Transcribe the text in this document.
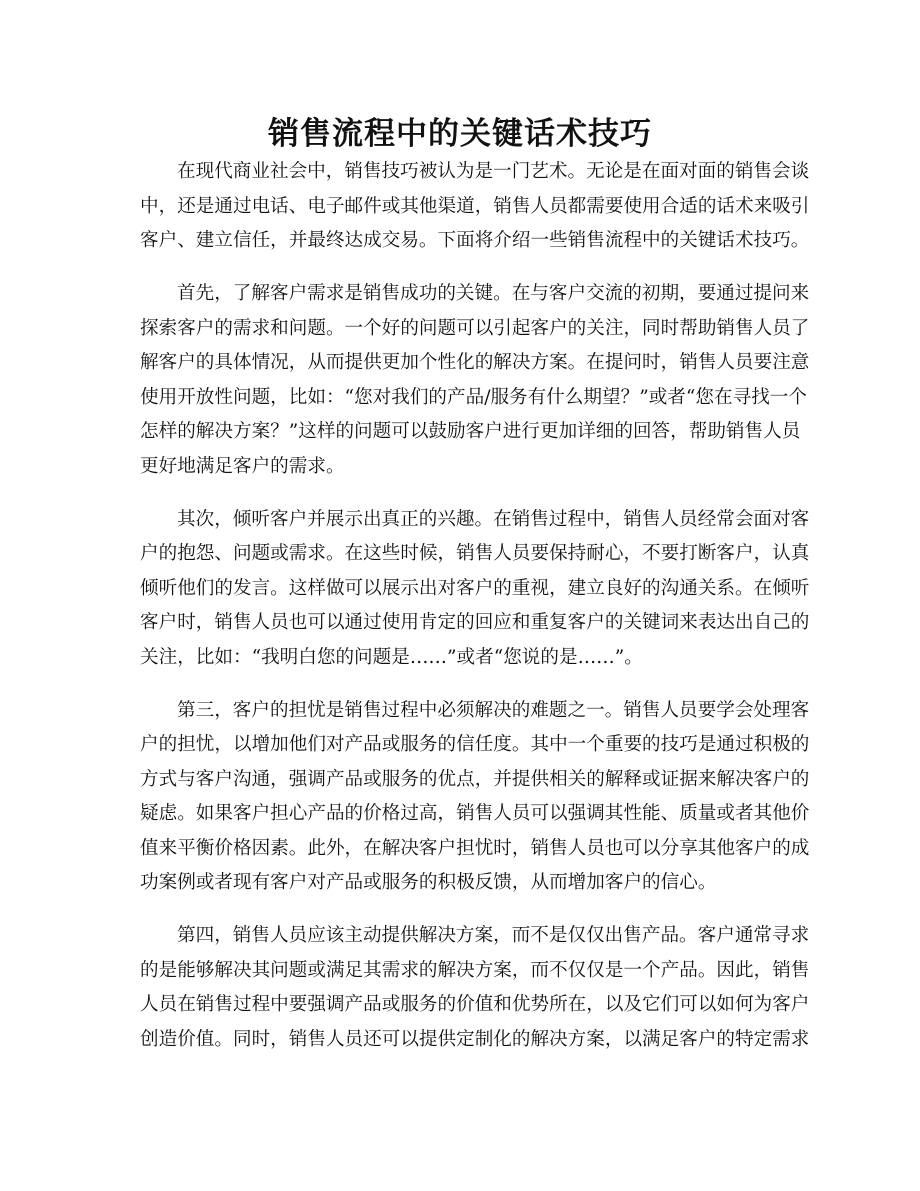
销售流程中的关键话术技巧
在现代商业社会中，销售技巧被认为是一门艺术。无论是在面对面的销售会谈
中，还是通过电话、电子邮件或其他渠道，销售人员都需要使用合适的话术来吸引
客户、建立信任，并最终达成交易。下面将介绍一些销售流程中的关键话术技巧。
首先，了解客户需求是销售成功的关键。在与客户交流的初期，要通过提问来
探索客户的需求和问题。一个好的问题可以引起客户的关注，同时帮助销售人员了
解客户的具体情况，从而提供更加个性化的解决方案。在提问时，销售人员要注意
使用开放性问题，比如：“您对我们的产品/服务有什么期望？”或者“您在寻找一个
怎样的解决方案？”这样的问题可以鼓励客户进行更加详细的回答，帮助销售人员
更好地满足客户的需求。
其次，倾听客户并展示出真正的兴趣。在销售过程中，销售人员经常会面对客
户的抱怨、问题或需求。在这些时候，销售人员要保持耐心，不要打断客户，认真
倾听他们的发言。这样做可以展示出对客户的重视，建立良好的沟通关系。在倾听
客户时，销售人员也可以通过使用肯定的回应和重复客户的关键词来表达出自己的
关注，比如：“我明白您的问题是……”或者“您说的是……”。
第三，客户的担忧是销售过程中必须解决的难题之一。销售人员要学会处理客
户的担忧，以增加他们对产品或服务的信任度。其中一个重要的技巧是通过积极的
方式与客户沟通，强调产品或服务的优点，并提供相关的解释或证据来解决客户的
疑虑。如果客户担心产品的价格过高，销售人员可以强调其性能、质量或者其他价
值来平衡价格因素。此外，在解决客户担忧时，销售人员也可以分享其他客户的成
功案例或者现有客户对产品或服务的积极反馈，从而增加客户的信心。
第四，销售人员应该主动提供解决方案，而不是仅仅出售产品。客户通常寻求
的是能够解决其问题或满足其需求的解决方案，而不仅仅是一个产品。因此，销售
人员在销售过程中要强调产品或服务的价值和优势所在，以及它们可以如何为客户
创造价值。同时，销售人员还可以提供定制化的解决方案，以满足客户的特定需求
